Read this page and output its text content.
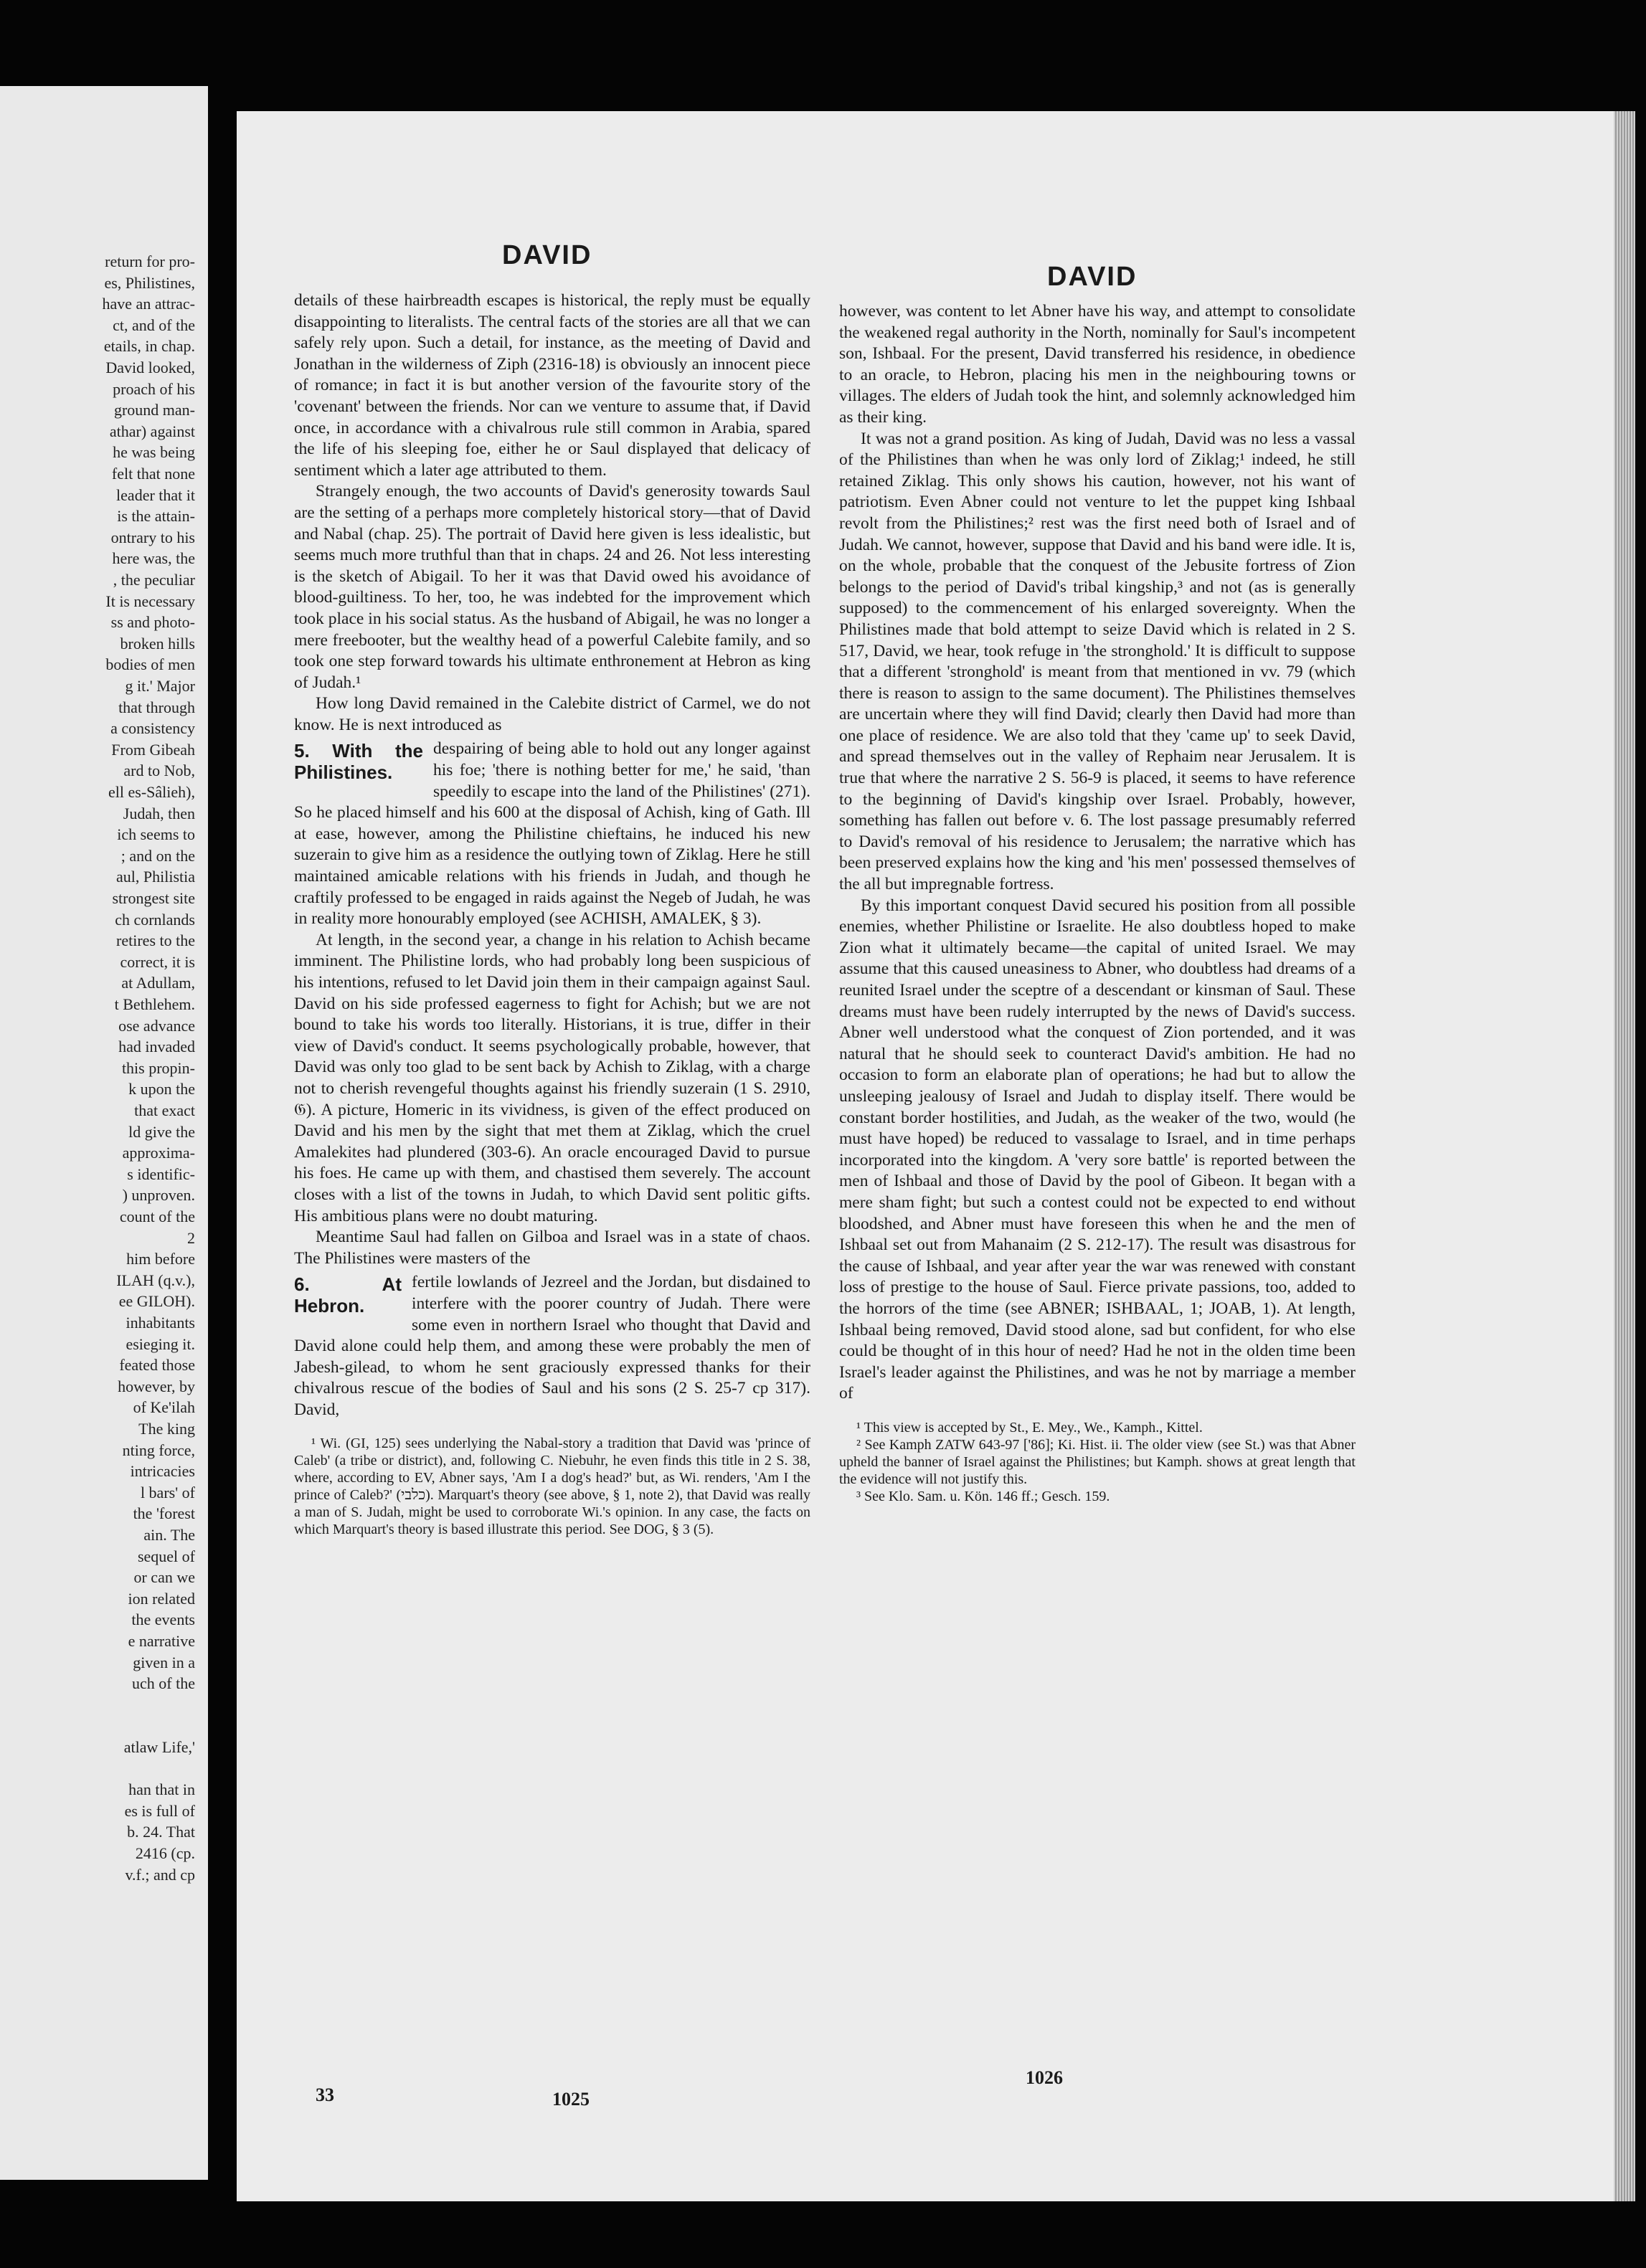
return for pro-
es, Philistines,
have an attrac-
ct, and of the
etails, in chap.
David looked,
proach of his
ground man-
athar) against
he was being
felt that none
leader that it
is the attain-
ontrary to his
here was, the
, the peculiar
It is necessary
ss and photo-
broken hills
bodies of men
g it.' Major
that through
a consistency
From Gibeah
ard to Nob,
ell es-Sâlieh),
Judah, then
ich seems to
; and on the
aul, Philistia
strongest site
ch cornlands
retires to the
correct, it is
at Adullam,
t Bethlehem.
ose advance
had invaded
this propin-
k upon the
that exact
ld give the
approxima-
s identific-
) unproven.
count of the
2
him before
ILAH (q.v.),
ee GILOH).
inhabitants
esieging it.
feated those
however, by
of Ke'ilah
The king
nting force,
intricacies
l bars' of
the 'forest
ain. The
sequel of
or can we
ion related
the events
e narrative
given in a
uch of the
atlaw Life,'
han that in
es is full of
b. 24. That
2416 (cp.
v.f.; and cp
DAVID
DAVID

details of these hairbreadth escapes is historical, the reply must be equally disappointing to literalists. The central facts of the stories are all that we can safely rely upon. Such a detail, for instance, as the meeting of David and Jonathan in the wilderness of Ziph (2316-18) is obviously an innocent piece of romance; in fact it is but another version of the favourite story of the 'covenant' between the friends. Nor can we venture to assume that, if David once, in accordance with a chivalrous rule still common in Arabia, spared the life of his sleeping foe, either he or Saul displayed that delicacy of sentiment which a later age attributed to them.

Strangely enough, the two accounts of David's generosity towards Saul are the setting of a perhaps more completely historical story—that of David and Nabal (chap. 25). The portrait of David here given is less idealistic, but seems much more truthful than that in chaps. 24 and 26. Not less interesting is the sketch of Abigail. To her it was that David owed his avoidance of blood-guiltiness. To her, too, he was indebted for the improvement which took place in his social status. As the husband of Abigail, he was no longer a mere freebooter, but the wealthy head of a powerful Calebite family, and so took one step forward towards his ultimate enthronement at Hebron as king of Judah.¹

How long David remained in the Calebite district of Carmel, we do not know. He is next introduced as

5. With the Philistines.
despairing of being able to hold out any longer against his foe; 'there is nothing better for me,' he said, 'than speedily to escape into the land of the Philistines' (271). So he placed himself and his 600 at the disposal of Achish, king of Gath. Ill at ease, however, among the Philistine chieftains, he induced his new suzerain to give him as a residence the outlying town of Ziklag. Here he still maintained amicable relations with his friends in Judah, and though he craftily professed to be engaged in raids against the Negeb of Judah, he was in reality more honourably employed (see ACHISH, AMALEK, § 3).

At length, in the second year, a change in his relation to Achish became imminent. The Philistine lords, who had probably long been suspicious of his intentions, refused to let David join them in their campaign against Saul. David on his side professed eagerness to fight for Achish; but we are not bound to take his words too literally. Historians, it is true, differ in their view of David's conduct. It seems psychologically probable, however, that David was only too glad to be sent back by Achish to Ziklag, with a charge not to cherish revengeful thoughts against his friendly suzerain (1 S. 2910, 𝔊). A picture, Homeric in its vividness, is given of the effect produced on David and his men by the sight that met them at Ziklag, which the cruel Amalekites had plundered (303-6). An oracle encouraged David to pursue his foes. He came up with them, and chastised them severely. The account closes with a list of the towns in Judah, to which David sent politic gifts. His ambitious plans were no doubt maturing.

Meantime Saul had fallen on Gilboa and Israel was in a state of chaos. The Philistines were masters of the

6. At Hebron.
fertile lowlands of Jezreel and the Jordan, but disdained to interfere with the poorer country of Judah. There were some even in northern Israel who thought that David and David alone could help them, and among these were probably the men of Jabesh-gilead, to whom he sent graciously expressed thanks for their chivalrous rescue of the bodies of Saul and his sons (2 S. 25-7 cp 317). David,

¹ Wi. (GI, 125) sees underlying the Nabal-story a tradition that David was 'prince of Caleb' (a tribe or district), and, following C. Niebuhr, he even finds this title in 2 S. 38, where, according to EV, Abner says, 'Am I a dog's head?' but, as Wi. renders, 'Am I the prince of Caleb?' (כלבי). Marquart's theory (see above, § 1, note 2), that David was really a man of S. Judah, might be used to corroborate Wi.'s opinion. In any case, the facts on which Marquart's theory is based illustrate this period. See DOG, § 3 (5).

33	1025

however, was content to let Abner have his way, and attempt to consolidate the weakened regal authority in the North, nominally for Saul's incompetent son, Ishbaal. For the present, David transferred his residence, in obedience to an oracle, to Hebron, placing his men in the neighbouring towns or villages. The elders of Judah took the hint, and solemnly acknowledged him as their king.

It was not a grand position. As king of Judah, David was no less a vassal of the Philistines than when he was only lord of Ziklag;¹ indeed, he still retained Ziklag. This only shows his caution, however, not his want of patriotism. Even Abner could not venture to let the puppet king Ishbaal revolt from the Philistines;² rest was the first need both of Israel and of Judah. We cannot, however, suppose that David and his band were idle. It is, on the whole, probable that the conquest of the Jebusite fortress of Zion belongs to the period of David's tribal kingship,³ and not (as is generally supposed) to the commencement of his enlarged sovereignty. When the Philistines made that bold attempt to seize David which is related in 2 S. 517, David, we hear, took refuge in 'the stronghold.' It is difficult to suppose that a different 'stronghold' is meant from that mentioned in vv. 79 (which there is reason to assign to the same document). The Philistines themselves are uncertain where they will find David; clearly then David had more than one place of residence. We are also told that they 'came up' to seek David, and spread themselves out in the valley of Rephaim near Jerusalem. It is true that where the narrative 2 S. 56-9 is placed, it seems to have reference to the beginning of David's kingship over Israel. Probably, however, something has fallen out before v. 6. The lost passage presumably referred to David's removal of his residence to Jerusalem; the narrative which has been preserved explains how the king and 'his men' possessed themselves of the all but impregnable fortress.

By this important conquest David secured his position from all possible enemies, whether Philistine or Israelite. He also doubtless hoped to make Zion what it ultimately became—the capital of united Israel. We may assume that this caused uneasiness to Abner, who doubtless had dreams of a reunited Israel under the sceptre of a descendant or kinsman of Saul. These dreams must have been rudely interrupted by the news of David's success. Abner well understood what the conquest of Zion portended, and it was natural that he should seek to counteract David's ambition. He had no occasion to form an elaborate plan of operations; he had but to allow the unsleeping jealousy of Israel and Judah to display itself. There would be constant border hostilities, and Judah, as the weaker of the two, would (he must have hoped) be reduced to vassalage to Israel, and in time perhaps incorporated into the kingdom. A 'very sore battle' is reported between the men of Ishbaal and those of David by the pool of Gibeon. It began with a mere sham fight; but such a contest could not be expected to end without bloodshed, and Abner must have foreseen this when he and the men of Ishbaal set out from Mahanaim (2 S. 212-17). The result was disastrous for the cause of Ishbaal, and year after year the war was renewed with constant loss of prestige to the house of Saul. Fierce private passions, too, added to the horrors of the time (see ABNER; ISHBAAL, 1; JOAB, 1). At length, Ishbaal being removed, David stood alone, sad but confident, for who else could be thought of in this hour of need? Had he not in the olden time been Israel's leader against the Philistines, and was he not by marriage a member of

¹ This view is accepted by St., E. Mey., We., Kamph., Kittel.

² See Kamph ZATW 643-97 ['86]; Ki. Hist. ii. The older view (see St.) was that Abner upheld the banner of Israel against the Philistines; but Kamph. shows at great length that the evidence will not justify this.

³ See Klo. Sam. u. Kön. 146 ff.; Gesch. 159.

1026
